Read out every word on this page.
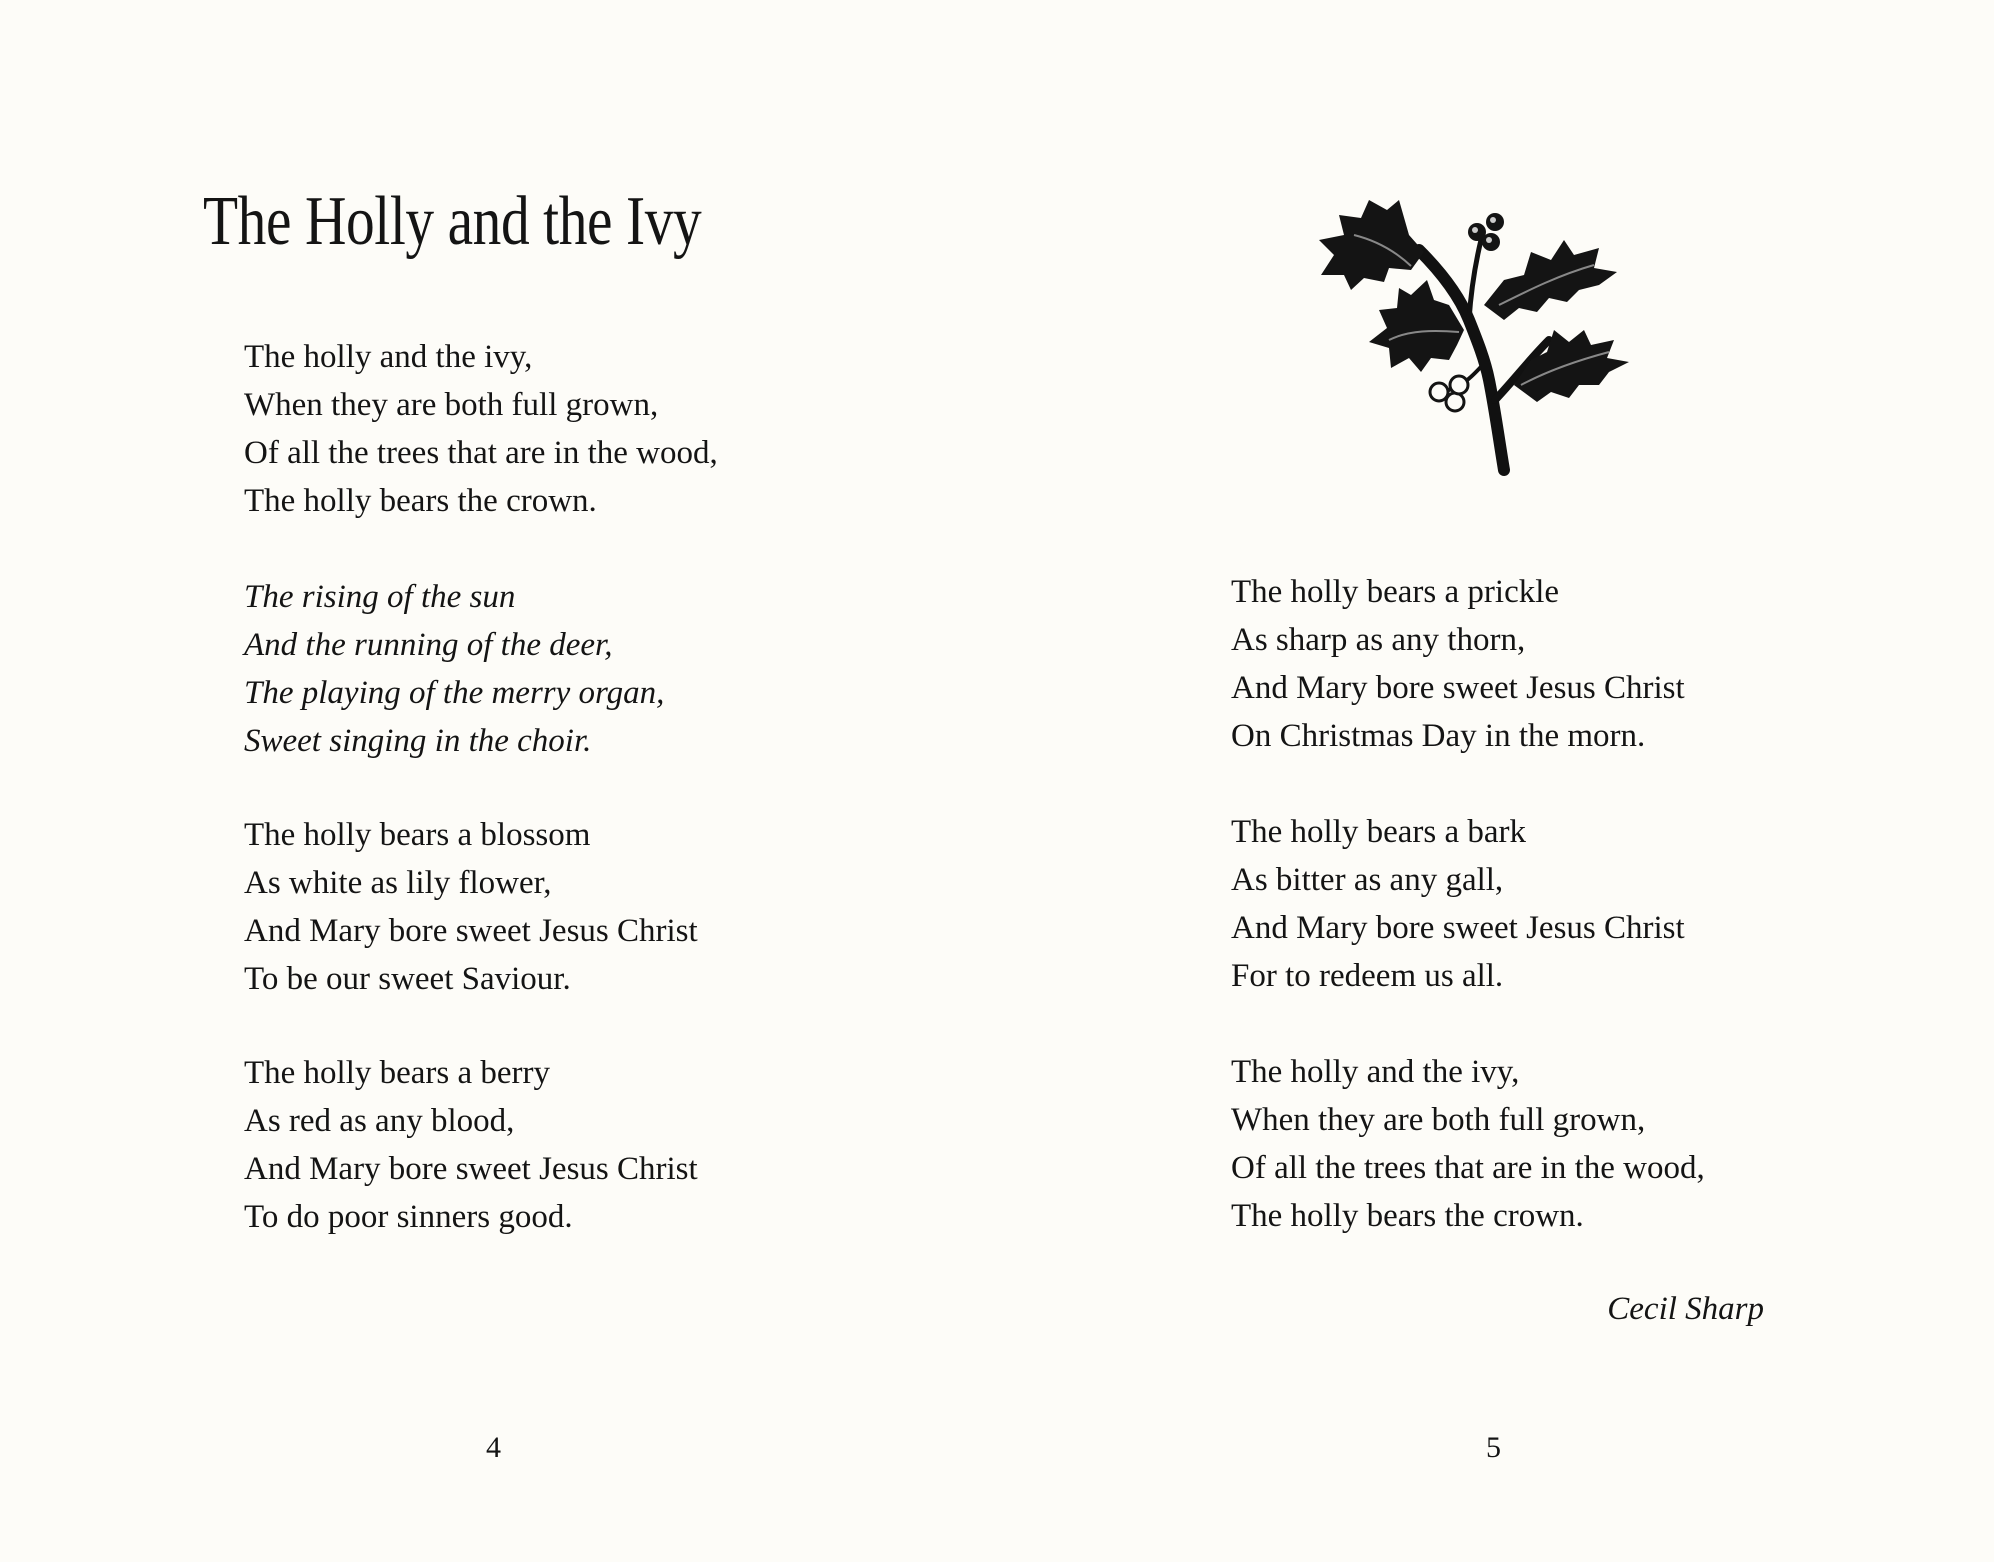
The Holly and the Ivy
The holly and the ivy,
When they are both full grown,
Of all the trees that are in the wood,
The holly bears the crown.
The rising of the sun
And the running of the deer,
The playing of the merry organ,
Sweet singing in the choir.
The holly bears a blossom
As white as lily flower,
And Mary bore sweet Jesus Christ
To be our sweet Saviour.
The holly bears a berry
As red as any blood,
And Mary bore sweet Jesus Christ
To do poor sinners good.
4
The holly bears a prickle
As sharp as any thorn,
And Mary bore sweet Jesus Christ
On Christmas Day in the morn.
The holly bears a bark
As bitter as any gall,
And Mary bore sweet Jesus Christ
For to redeem us all.
The holly and the ivy,
When they are both full grown,
Of all the trees that are in the wood,
The holly bears the crown.
Cecil Sharp
5
